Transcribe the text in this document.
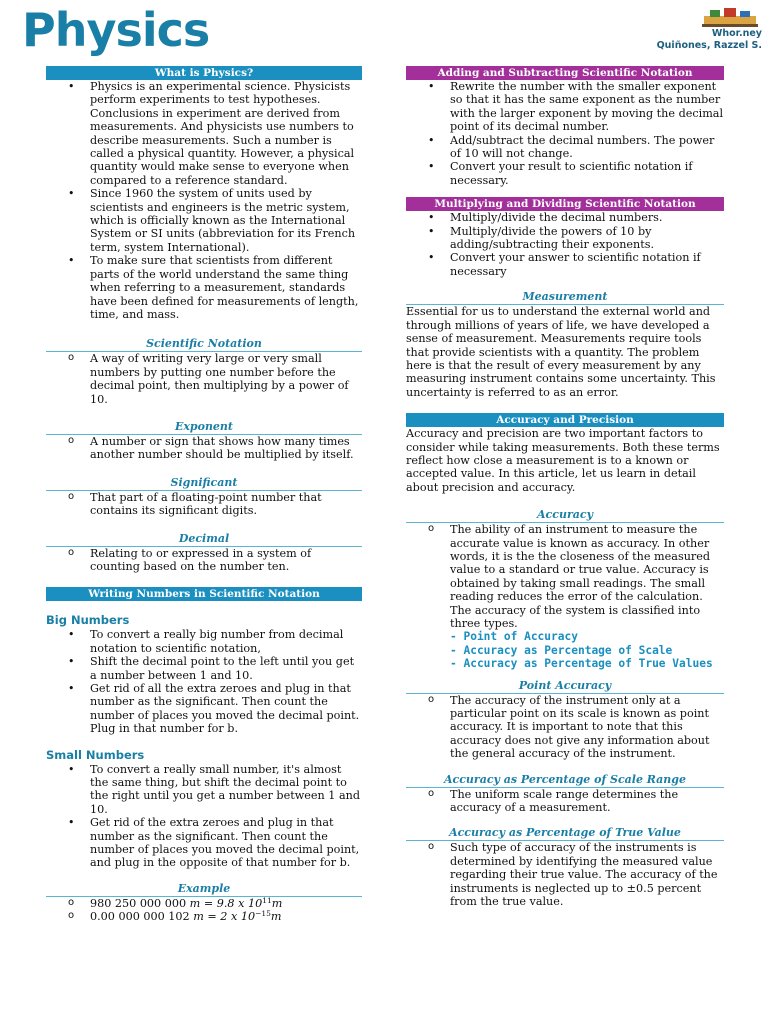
Physics	Whor.ney
Quiñones, Razzel S.
What is Physics?
• Physics is an experimental science. Physicists perform experiments to test hypotheses. Conclusions in experiment are derived from measurements. And physicists use numbers to describe measurements. Such a number is called a physical quantity. However, a physical quantity would make sense to everyone when compared to a reference standard.
• Since 1960 the system of units used by scientists and engineers is the metric system, which is officially known as the International System or SI units (abbreviation for its French term, system International).
• To make sure that scientists from different parts of the world understand the same thing when referring to a measurement, standards have been defined for measurements of length, time, and mass.
Scientific Notation
o A way of writing very large or very small numbers by putting one number before the decimal point, then multiplying by a power of 10.
Exponent
o A number or sign that shows how many times another number should be multiplied by itself.
Significant
o That part of a floating-point number that contains its significant digits.
Decimal
o Relating to or expressed in a system of counting based on the number ten.
Writing Numbers in Scientific Notation
Big Numbers
• To convert a really big number from decimal notation to scientific notation,
• Shift the decimal point to the left until you get a number between 1 and 10.
• Get rid of all the extra zeroes and plug in that number as the significant. Then count the number of places you moved the decimal point. Plug in that number for b.
Small Numbers
• To convert a really small number, it's almost the same thing, but shift the decimal point to the right until you get a number between 1 and 10.
• Get rid of the extra zeroes and plug in that number as the significant. Then count the number of places you moved the decimal point, and plug in the opposite of that number for b.
Example
o 980 250 000 000 m = 9.8 x $10^{11}m$
o 0.00 000 000 102 m = 2 x $10^{-15}m$
Adding and Subtracting Scientific Notation
• Rewrite the number with the smaller exponent so that it has the same exponent as the number with the larger exponent by moving the decimal point of its decimal number.
• Add/subtract the decimal numbers. The power of 10 will not change.
• Convert your result to scientific notation if necessary.
Multiplying and Dividing Scientific Notation
• Multiply/divide the decimal numbers.
• Multiply/divide the powers of 10 by adding/subtracting their exponents.
• Convert your answer to scientific notation if necessary
Measurement

Essential for us to understand the external world and through millions of years of life, we have developed a sense of measurement. Measurements require tools that provide scientists with a quantity. The problem here is that the result of every measurement by any measuring instrument contains some uncertainty. This uncertainty is referred to as an error.

Accuracy and Precision

Accuracy and precision are two important factors to consider while taking measurements. Both these terms reflect how close a measurement is to a known or accepted value. In this article, let us learn in detail about precision and accuracy.

Accuracy
o The ability of an instrument to measure the accurate value is known as accuracy. In other words, it is the the closeness of the measured value to a standard or true value. Accuracy is obtained by taking small readings. The small reading reduces the error of the calculation. The accuracy of the system is classified into three types.
- Point of Accuracy
- Accuracy as Percentage of Scale
- Accuracy as Percentage of True Values
Point Accuracy
o The accuracy of the instrument only at a particular point on its scale is known as point accuracy. It is important to note that this accuracy does not give any information about the general accuracy of the instrument.
Accuracy as Percentage of Scale Range
o The uniform scale range determines the accuracy of a measurement.
Accuracy as Percentage of True Value
o Such type of accuracy of the instruments is determined by identifying the measured value regarding their true value. The accuracy of the instruments is neglected up to ±0.5 percent from the true value.
